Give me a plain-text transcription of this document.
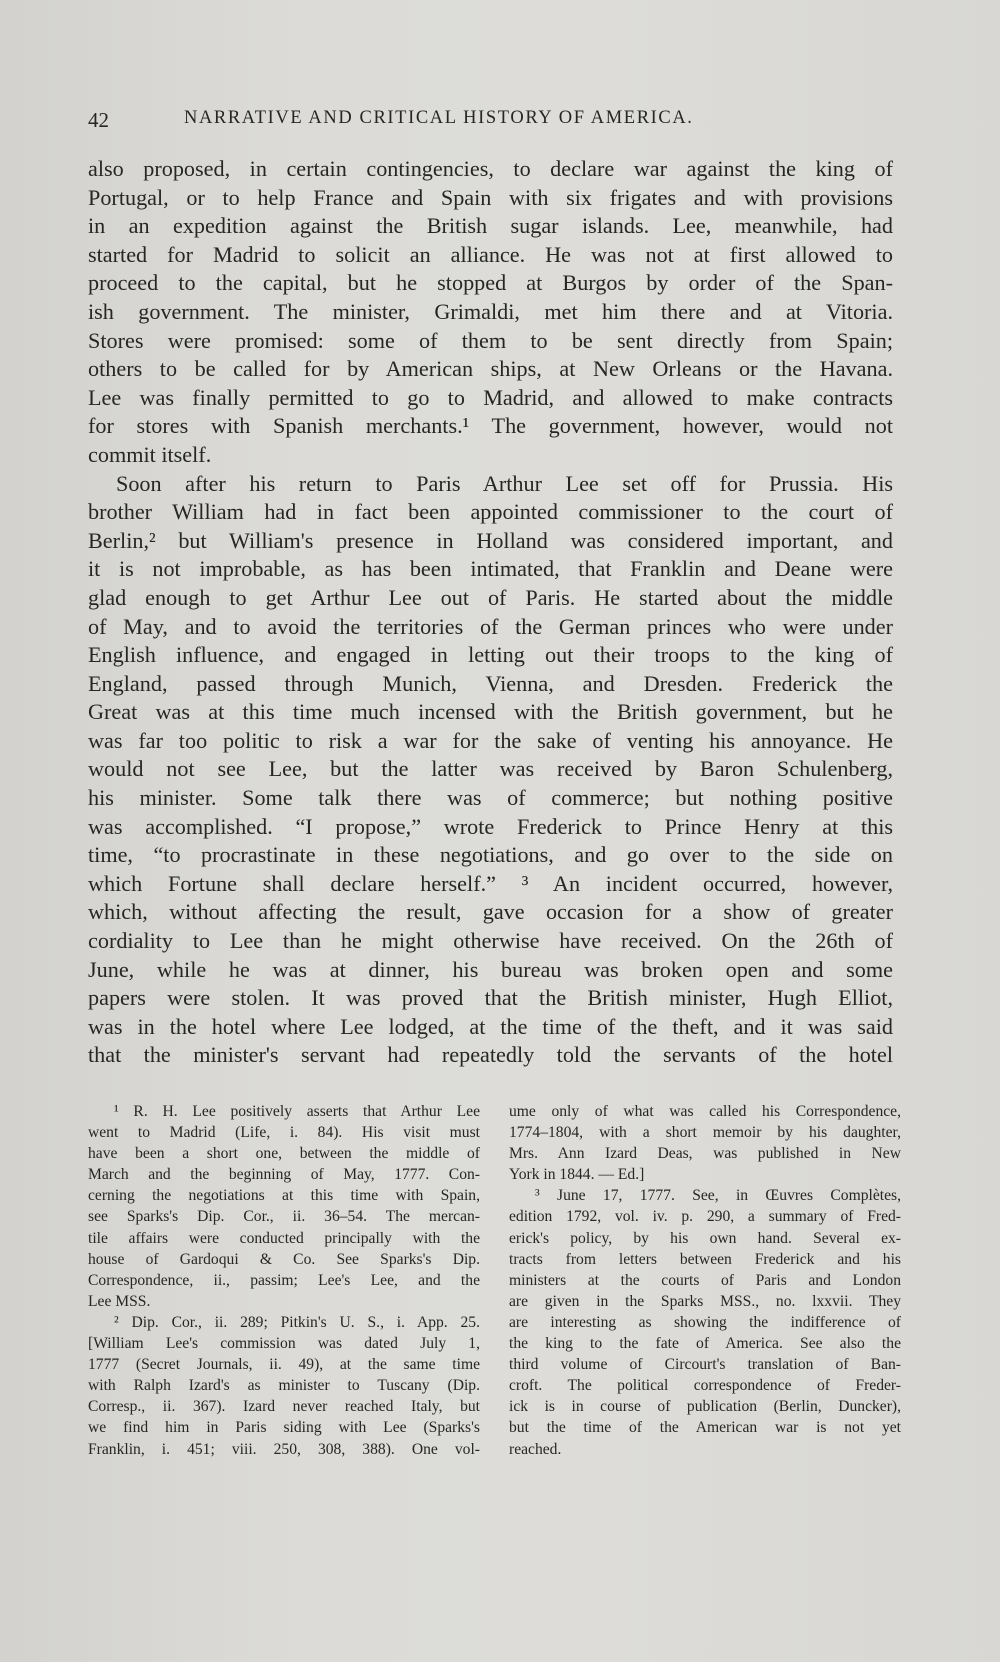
42	NARRATIVE AND CRITICAL HISTORY OF AMERICA.
also proposed, in certain contingencies, to declare war against the king of
Portugal, or to help France and Spain with six frigates and with provisions
in an expedition against the British sugar islands. Lee, meanwhile, had
started for Madrid to solicit an alliance. He was not at first allowed to
proceed to the capital, but he stopped at Burgos by order of the Span-
ish government. The minister, Grimaldi, met him there and at Vitoria.
Stores were promised: some of them to be sent directly from Spain;
others to be called for by American ships, at New Orleans or the Havana.
Lee was finally permitted to go to Madrid, and allowed to make contracts
for stores with Spanish merchants.¹ The government, however, would not
commit itself.
Soon after his return to Paris Arthur Lee set off for Prussia. His
brother William had in fact been appointed commissioner to the court of
Berlin,² but William's presence in Holland was considered important, and
it is not improbable, as has been intimated, that Franklin and Deane were
glad enough to get Arthur Lee out of Paris. He started about the middle
of May, and to avoid the territories of the German princes who were under
English influence, and engaged in letting out their troops to the king of
England, passed through Munich, Vienna, and Dresden. Frederick the
Great was at this time much incensed with the British government, but he
was far too politic to risk a war for the sake of venting his annoyance. He
would not see Lee, but the latter was received by Baron Schulenberg,
his minister. Some talk there was of commerce; but nothing positive
was accomplished. “I propose,” wrote Frederick to Prince Henry at this
time, “to procrastinate in these negotiations, and go over to the side on
which Fortune shall declare herself.” ³ An incident occurred, however,
which, without affecting the result, gave occasion for a show of greater
cordiality to Lee than he might otherwise have received. On the 26th of
June, while he was at dinner, his bureau was broken open and some
papers were stolen. It was proved that the British minister, Hugh Elliot,
was in the hotel where Lee lodged, at the time of the theft, and it was said
that the minister's servant had repeatedly told the servants of the hotel
¹ R. H. Lee positively asserts that Arthur Lee
went to Madrid (Life, i. 84). His visit must
have been a short one, between the middle of
March and the beginning of May, 1777. Con-
cerning the negotiations at this time with Spain,
see Sparks's Dip. Cor., ii. 36–54. The mercan-
tile affairs were conducted principally with the
house of Gardoqui & Co. See Sparks's Dip.
Correspondence, ii., passim; Lee's Lee, and the
Lee MSS.
² Dip. Cor., ii. 289; Pitkin's U. S., i. App. 25.
[William Lee's commission was dated July 1,
1777 (Secret Journals, ii. 49), at the same time
with Ralph Izard's as minister to Tuscany (Dip.
Corresp., ii. 367). Izard never reached Italy, but
we find him in Paris siding with Lee (Sparks's
Franklin, i. 451; viii. 250, 308, 388). One vol-
ume only of what was called his Correspondence,
1774–1804, with a short memoir by his daughter,
Mrs. Ann Izard Deas, was published in New
York in 1844. — Ed.]
³ June 17, 1777. See, in Œuvres Complètes,
edition 1792, vol. iv. p. 290, a summary of Fred-
erick's policy, by his own hand. Several ex-
tracts from letters between Frederick and his
ministers at the courts of Paris and London
are given in the Sparks MSS., no. lxxvii. They
are interesting as showing the indifference of
the king to the fate of America. See also the
third volume of Circourt's translation of Ban-
croft. The political correspondence of Freder-
ick is in course of publication (Berlin, Duncker),
but the time of the American war is not yet
reached.
